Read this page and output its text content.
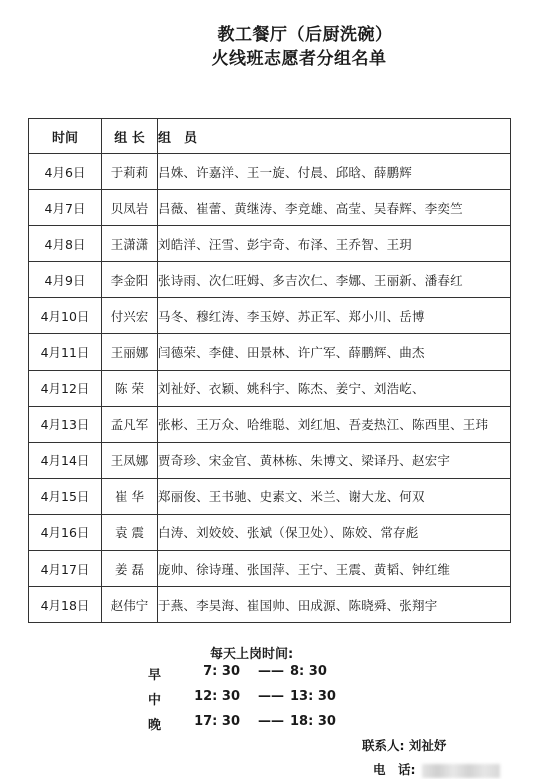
教工餐厅（后厨洗碗）
火线班志愿者分组名单
时间	组 长	组　员
4月6日	于莉莉	吕姝、许嘉洋、王一旋、付晨、邱晗、薛鹏辉
4月7日	贝凤岩	吕薇、崔蕾、黄继涛、李竞雄、高莹、吴春辉、李奕竺
4月8日	王潇潇	刘皓洋、汪雪、彭宇奇、布泽、王乔智、王玥
4月9日	李金阳	张诗雨、次仁旺姆、多吉次仁、李娜、王丽新、潘春红
4月10日	付兴宏	马冬、穆红涛、李玉婷、苏正军、郑小川、岳博
4月11日	王丽娜	闫德荣、李健、田景林、许广军、薛鹏辉、曲杰
4月12日	陈 荣	刘祉妤、衣颖、姚科宇、陈杰、姜宁、刘浩屹、
4月13日	孟凡军	张彬、王万众、哈维聪、刘红旭、吾麦热江、陈西里、王玮
4月14日	王凤娜	贾奇珍、宋金官、黄林栋、朱博文、梁译丹、赵宏宇
4月15日	崔 华	郑丽俊、王书驰、史素文、米兰、谢大龙、何双
4月16日	袁 震	白涛、刘姣姣、张斌（保卫处）、陈姣、常存彪
4月17日	姜 磊	庞帅、徐诗瑾、张国萍、王宁、王震、黄韬、钟红维
4月18日	赵伟宁	于燕、李昊海、崔国帅、田成源、陈晓舜、张翔宇
每天上岗时间:
早	7: 30 —— 8: 30
中	12: 30 —— 13: 30
晚	17: 30 —— 18: 30
联系人: 刘祉妤
电　话:
